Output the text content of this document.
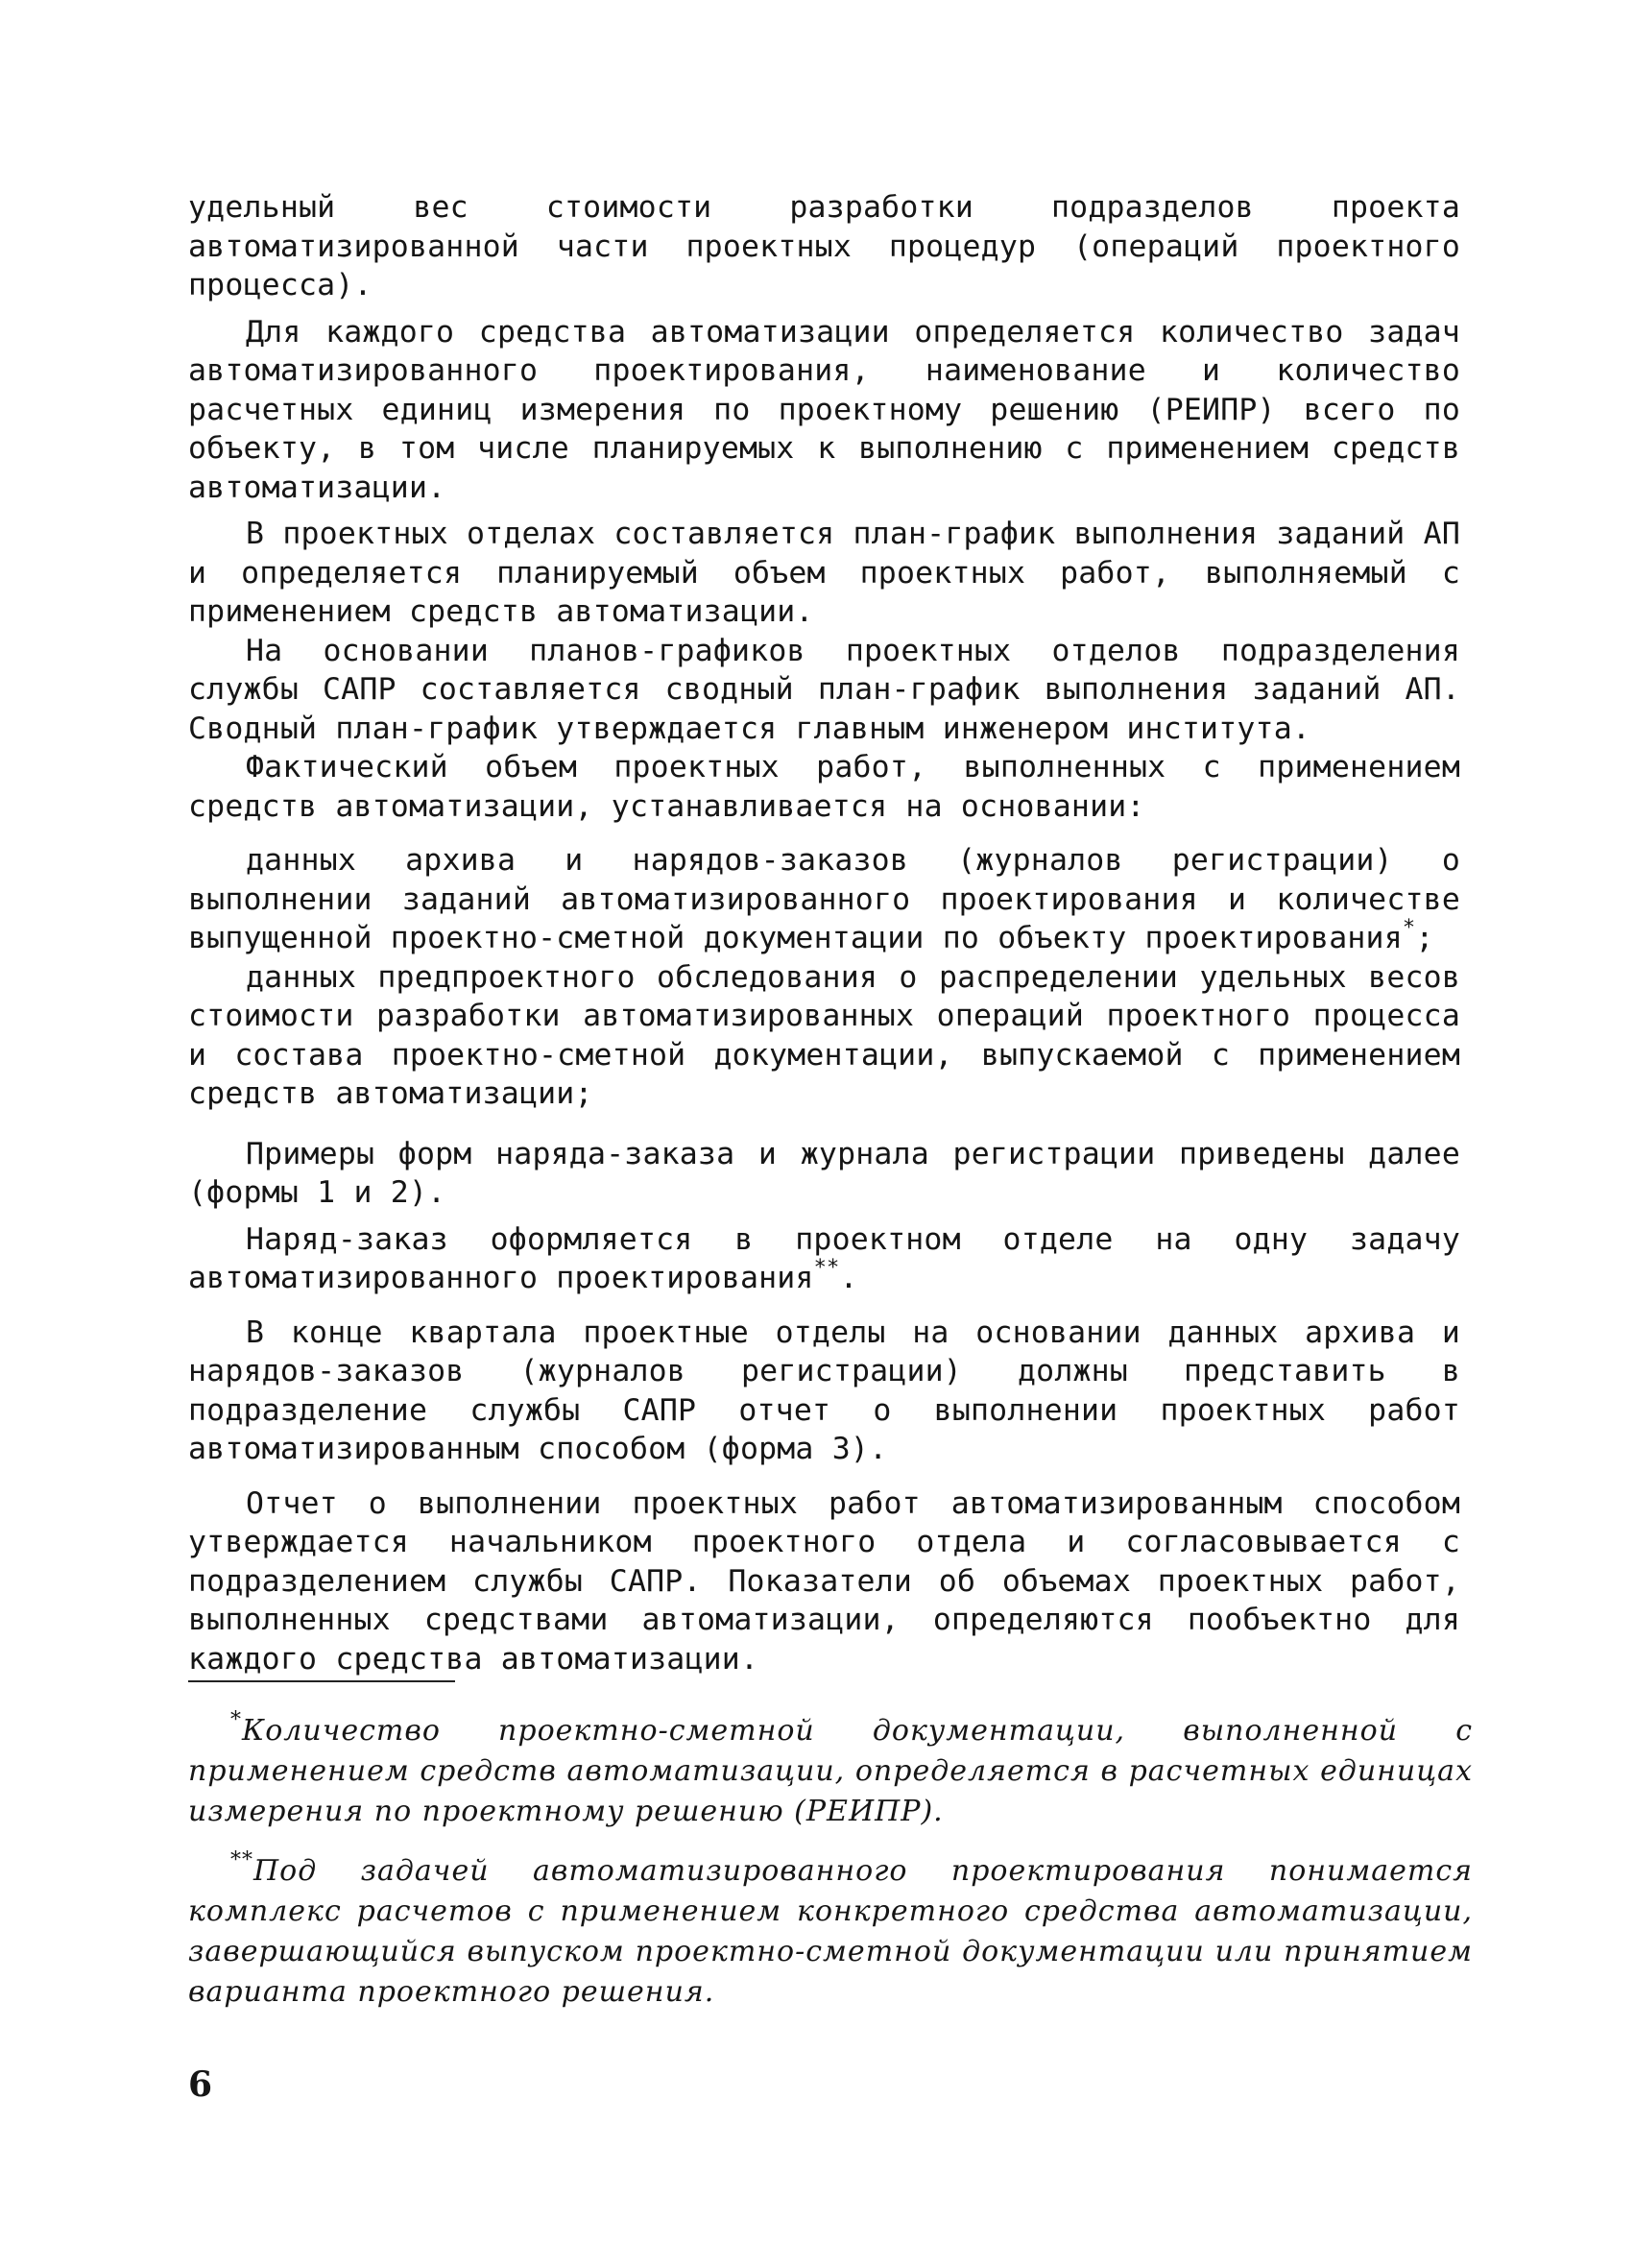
удельный вес стоимости разработки подразделов проекта автоматизированной части проектных процедур (операций проектного процесса).

Для каждого средства автоматизации определяется количество задач автоматизированного проектирования, наименование и количество расчетных единиц измерения по проектному решению (РЕИПР) всего по объекту, в том числе планируемых к выполнению с применением средств автоматизации.

В проектных отделах составляется план-график выполнения заданий АП и определяется планируемый объем проектных работ, выполняемый с применением средств автоматизации.

На основании планов-графиков проектных отделов подразделения службы САПР составляется сводный план-график выполнения заданий АП. Сводный план-график утверждается главным инженером института.

Фактический объем проектных работ, выполненных с применением средств автоматизации, устанавливается на основании:

данных архива и нарядов-заказов (журналов регистрации) о выполнении заданий автоматизированного проектирования и количестве выпущенной проектно-сметной документации по объекту проектирования*;

данных предпроектного обследования о распределении удельных весов стоимости разработки автоматизированных операций проектного процесса и состава проектно-сметной документации, выпускаемой с применением средств автоматизации;

Примеры форм наряда-заказа и журнала регистрации приведены далее (формы 1 и 2).

Наряд-заказ оформляется в проектном отделе на одну задачу автоматизированного проектирования**.

В конце квартала проектные отделы на основании данных архива и нарядов-заказов (журналов регистрации) должны представить в подразделение службы САПР отчет о выполнении проектных работ автоматизированным способом (форма 3).

Отчет о выполнении проектных работ автоматизированным способом утверждается начальником проектного отдела и согласовывается с подразделением службы САПР. Показатели об объемах проектных работ, выполненных средствами автоматизации, определяются пообъектно для каждого средства автоматизации.

*Количество проектно-сметной документации, выполненной с применением средств автоматизации, определяется в расчетных единицах измерения по проектному решению (РЕИПР).

**Под задачей автоматизированного проектирования понимается комплекс расчетов с применением конкретного средства автоматизации, завершающийся выпуском проектно-сметной документации или принятием варианта проектного решения.

6
